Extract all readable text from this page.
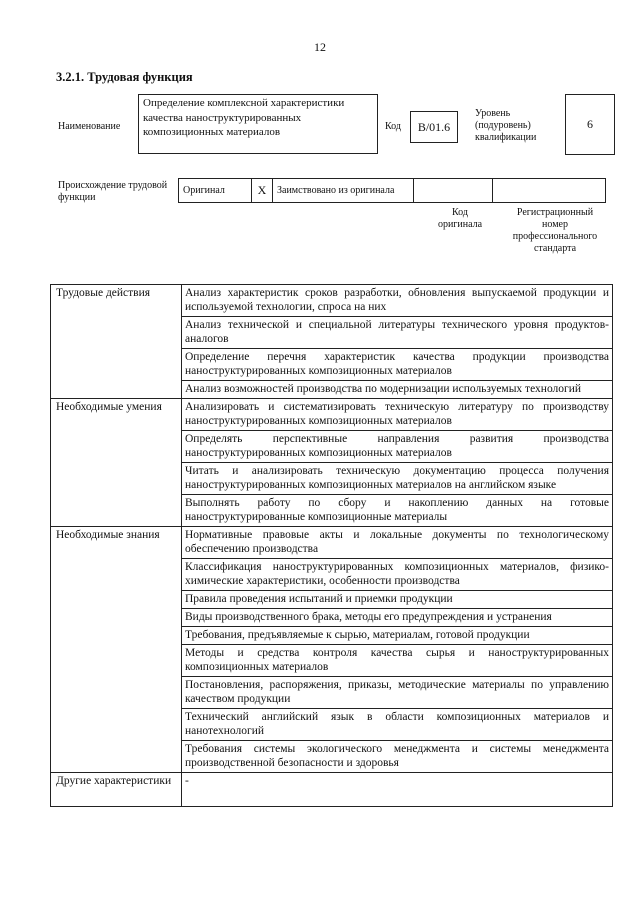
12
3.2.1. Трудовая функция
Наименование
Определение комплексной характеристики качества наноструктурированных композиционных материалов	Код	B/01.6
Уровень (подуровень) квалификации
6
Происхождение трудовой функции
Оригинал	X	Заимствовано из оригинала		
Код оригинала
Регистрационный номер профессионального стандарта
Трудовые действия	Анализ характеристик сроков разработки, обновления выпускаемой продукции и используемой технологии, спроса на них
	Анализ технической и специальной литературы технического уровня продуктов-аналогов
	Определение перечня характеристик качества продукции производства наноструктурированных композиционных материалов
	Анализ возможностей производства по модернизации используемых технологий
Необходимые умения	Анализировать и систематизировать техническую литературу по производству наноструктурированных композиционных материалов
	Определять перспективные направления развития производства наноструктурированных композиционных материалов
	Читать и анализировать техническую документацию процесса получения наноструктурированных композиционных материалов на английском языке
	Выполнять работу по сбору и накоплению данных на готовые наноструктурированные композиционные материалы
Необходимые знания	Нормативные правовые акты и локальные документы по технологическому обеспечению производства
	Классификация наноструктурированных композиционных материалов, физико-химические характеристики, особенности производства
	Правила проведения испытаний и приемки продукции
	Виды производственного брака, методы его предупреждения и устранения
	Требования, предъявляемые к сырью, материалам, готовой продукции
	Методы и средства контроля качества сырья и наноструктурированных композиционных материалов
	Постановления, распоряжения, приказы, методические материалы по управлению качеством продукции
	Технический английский язык в области композиционных материалов и нанотехнологий
	Требования системы экологического менеджмента и системы менеджмента производственной безопасности и здоровья
Другие характеристики	-
